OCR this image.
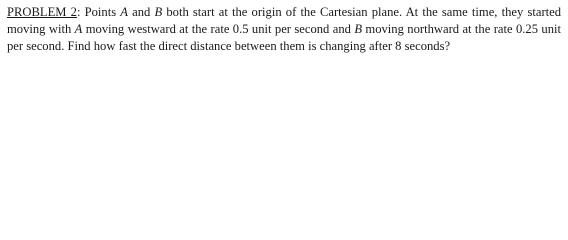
PROBLEM 2: Points A and B both start at the origin of the Cartesian plane. At the same time, they started moving with A moving westward at the rate 0.5 unit per second and B moving northward at the rate 0.25 unit per second. Find how fast the direct distance between them is changing after 8 seconds?
